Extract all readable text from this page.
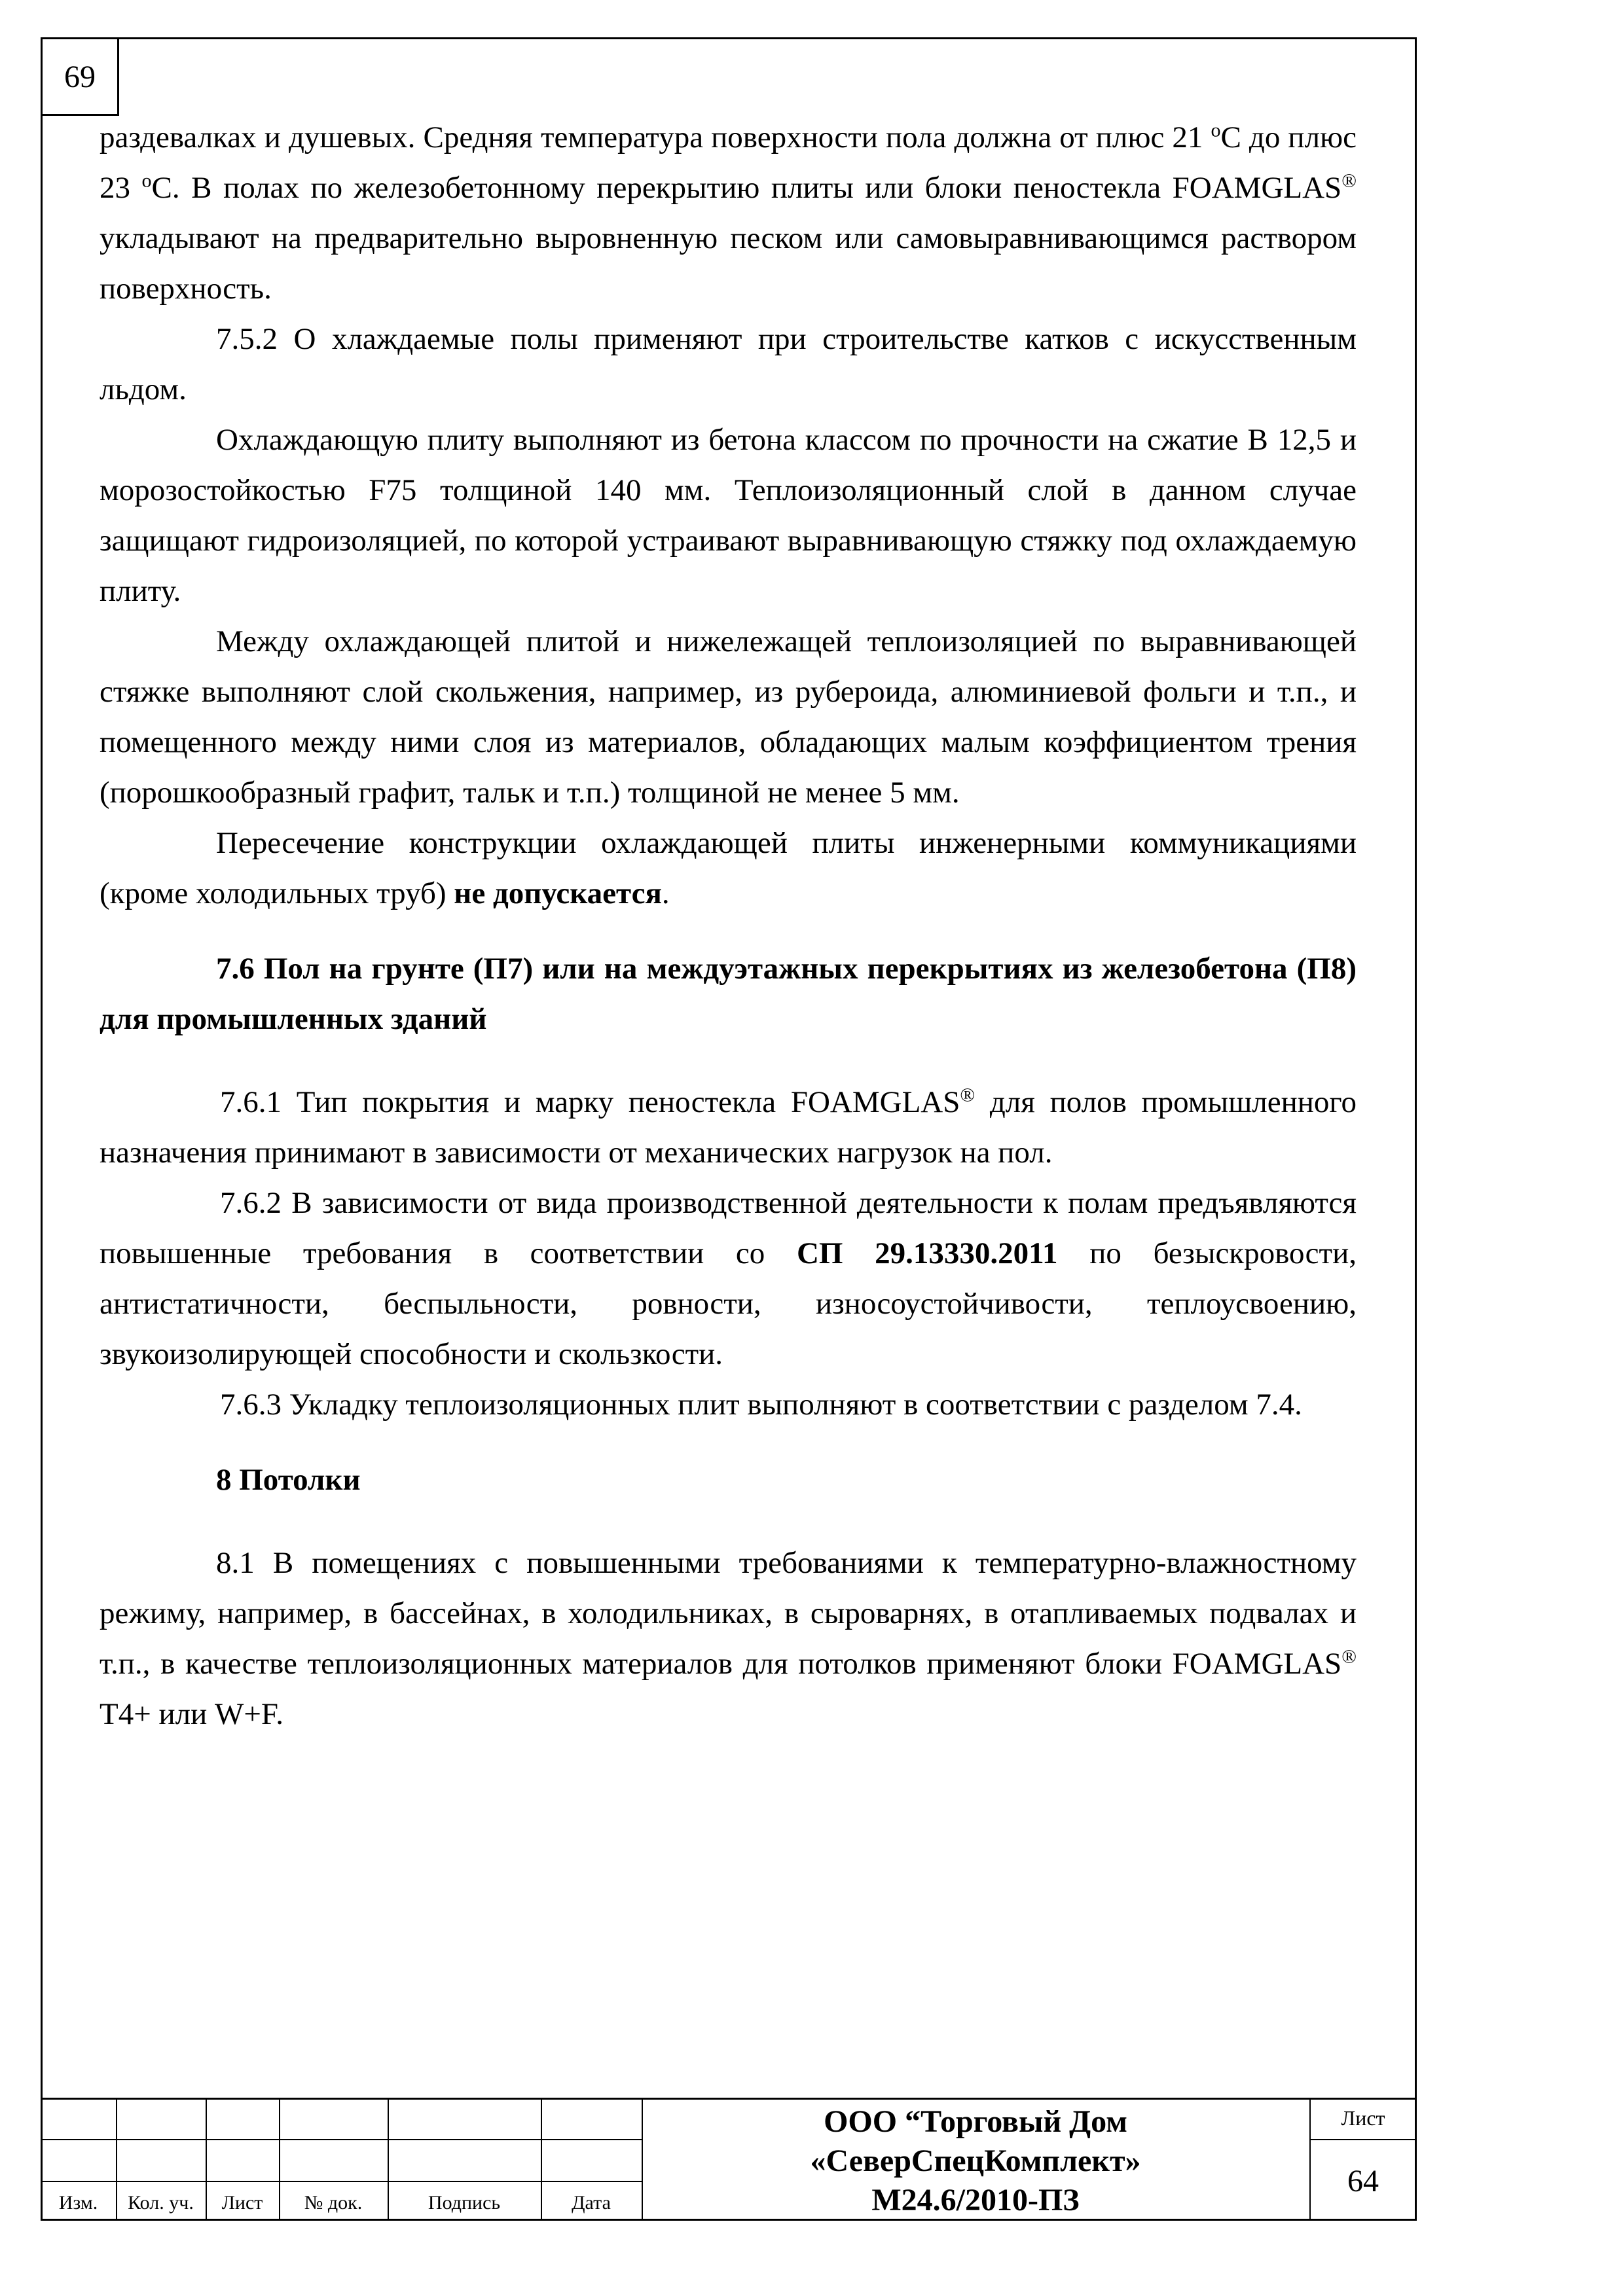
69

раздевалках и душевых. Средняя температура поверхности пола должна от плюс 21 $^о$С до плюс 23 $^о$С. В полах по железобетонному перекрытию плиты или блоки пеностекла FOAMGLAS® укладывают на предварительно выровненную песком или самовыравнивающимся раствором поверхность.

7.5.2 О хлаждаемые полы применяют при строительстве катков с искусственным льдом.

Охлаждающую плиту выполняют из бетона классом по прочности на сжатие В 12,5 и морозостойкостью F75 толщиной 140 мм. Теплоизоляционный слой в данном случае защищают гидроизоляцией, по которой устраивают выравнивающую стяжку под охлаждаемую плиту.

Между охлаждающей плитой и нижележащей теплоизоляцией по выравнивающей стяжке выполняют слой скольжения, например, из рубероида, алюминиевой фольги и т.п., и помещенного между ними слоя из материалов, обладающих малым коэффициентом трения (порошкообразный графит, тальк и т.п.) толщиной не менее 5 мм.

Пересечение конструкции охлаждающей плиты инженерными коммуникациями (кроме холодильных труб) не допускается.

7.6 Пол на грунте (П7) или на междуэтажных перекрытиях из железобетона (П8) для промышленных зданий

7.6.1 Тип покрытия и марку пеностекла FOAMGLAS® для полов промышленного назначения принимают в зависимости от механических нагрузок на пол.

7.6.2 В зависимости от вида производственной деятельности к полам предъявляются повышенные требования в соответствии со СП 29.13330.2011 по безыскровости, антистатичности, беспыльности, ровности, износоустойчивости, теплоусвоению, звукоизолирующей способности и скользкости.

7.6.3 Укладку теплоизоляционных плит выполняют в соответствии с разделом 7.4.

8 Потолки

8.1 В помещениях с повышенными требованиями к температурно-влажностному режиму, например, в бассейнах, в холодильниках, в сыроварнях, в отапливаемых подвалах и т.п., в качестве теплоизоляционных материалов для потолков применяют блоки FOAMGLAS® Т4+ или W+F.

Изм.	Кол. уч.	Лист	№ док.	Подпись	Дата
ООО “Торговый Дом
«СеверСпецКомплект»
М24.6/2010-ПЗ
Лист
64
